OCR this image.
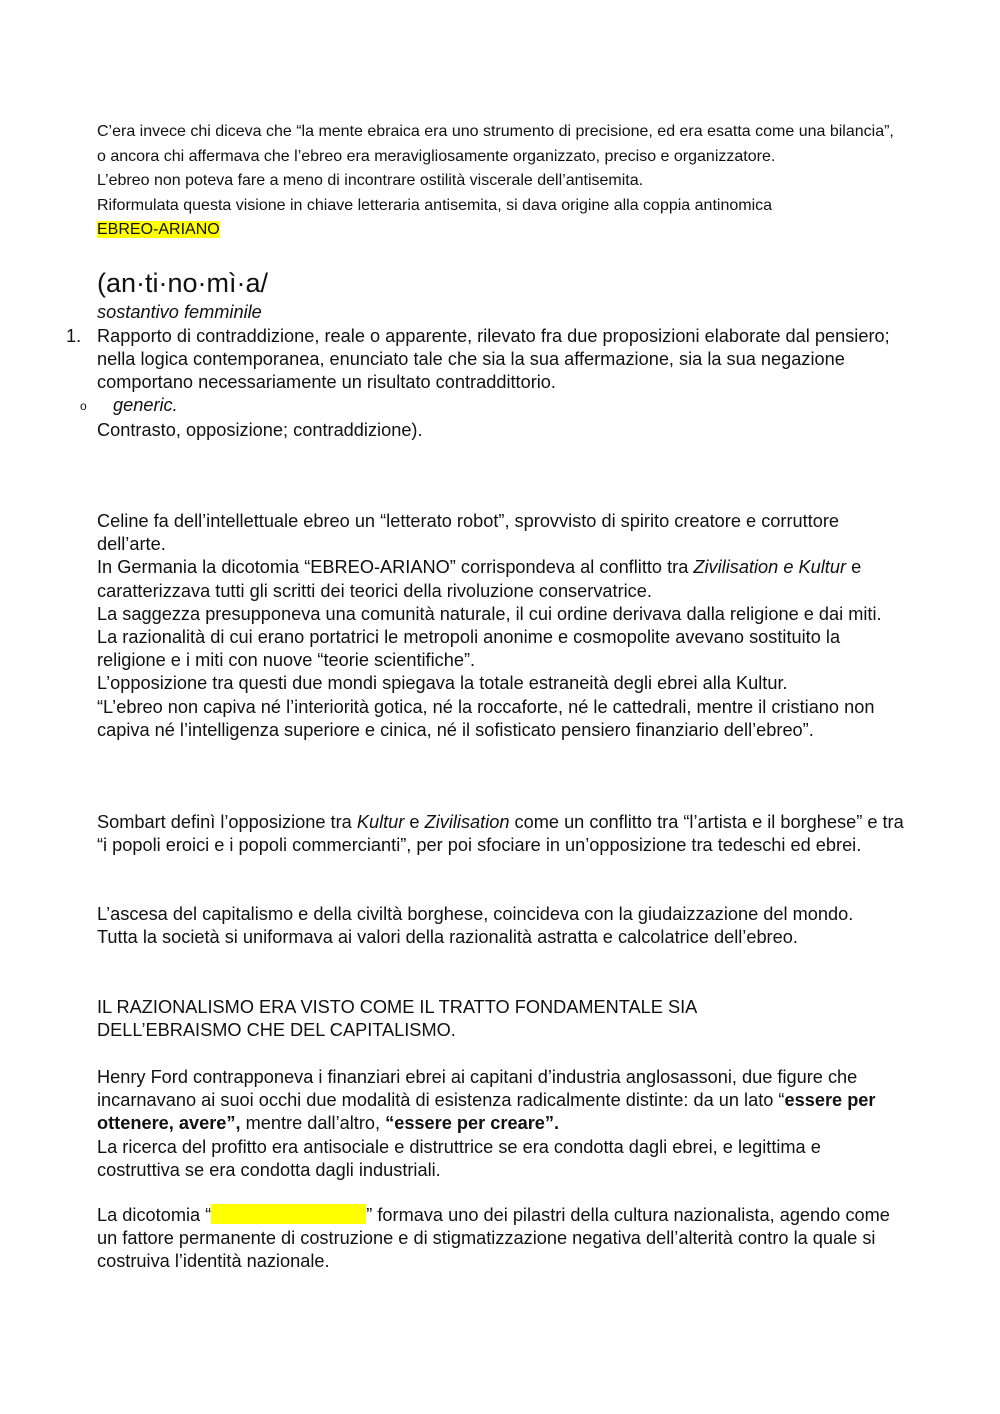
C’era invece chi diceva che “la mente ebraica era uno strumento di precisione, ed era esatta come una bilancia”, o ancora chi affermava che l’ebreo era meravigliosamente organizzato, preciso e organizzatore.
L’ebreo non poteva fare a meno di incontrare ostilità viscerale dell’antisemita.
Riformulata questa visione in chiave letteraria antisemita, si dava origine alla coppia antinomica
EBREO-ARIANO
(an·ti·no·mì·a/
sostantivo femminile
1. Rapporto di contraddizione, reale o apparente, rilevato fra due proposizioni elaborate dal pensiero; nella logica contemporanea, enunciato tale che sia la sua affermazione, sia la sua negazione comportano necessariamente un risultato contraddittorio.
o generic.
Contrasto, opposizione; contraddizione).
Celine fa dell’intellettuale ebreo un “letterato robot”, sprovvisto di spirito creatore e corruttore dell’arte.
In Germania la dicotomia “EBREO-ARIANO” corrispondeva al conflitto tra Zivilisation e Kultur e caratterizzava tutti gli scritti dei teorici della rivoluzione conservatrice.
La saggezza presupponeva una comunità naturale, il cui ordine derivava dalla religione e dai miti.
La razionalità di cui erano portatrici le metropoli anonime e cosmopolite avevano sostituito la religione e i miti con nuove “teorie scientifiche”.
L’opposizione tra questi due mondi spiegava la totale estraneità degli ebrei alla Kultur.
“L’ebreo non capiva né l’interiorità gotica, né la roccaforte, né le cattedrali, mentre il cristiano non capiva né l’intelligenza superiore e cinica, né il sofisticato pensiero finanziario dell’ebreo”.
Sombart definì l’opposizione tra Kultur e Zivilisation come un conflitto tra “l’artista e il borghese” e tra “i popoli eroici e i popoli commercianti”, per poi sfociare in un’opposizione tra tedeschi ed ebrei.
L’ascesa del capitalismo e della civiltà borghese, coincideva con la giudaizzazione del mondo.
Tutta la società si uniformava ai valori della razionalità astratta e calcolatrice dell’ebreo.
IL RAZIONALISMO ERA VISTO COME IL TRATTO FONDAMENTALE SIA DELL’EBRAISMO CHE DEL CAPITALISMO.
Henry Ford contrapponeva i finanziari ebrei ai capitani d’industria anglosassoni, due figure che incarnavano ai suoi occhi due modalità di esistenza radicalmente distinte: da un lato “essere per ottenere, avere”, mentre dall’altro, “essere per creare”.
La ricerca del profitto era antisociale e distruttrice se era condotta dagli ebrei, e legittima e costruttiva se era condotta dagli industriali.
La dicotomia “	” formava uno dei pilastri della cultura nazionalista, agendo come un fattore permanente di costruzione e di stigmatizzazione negativa dell’alterità contro la quale si costruiva l’identità nazionale.
